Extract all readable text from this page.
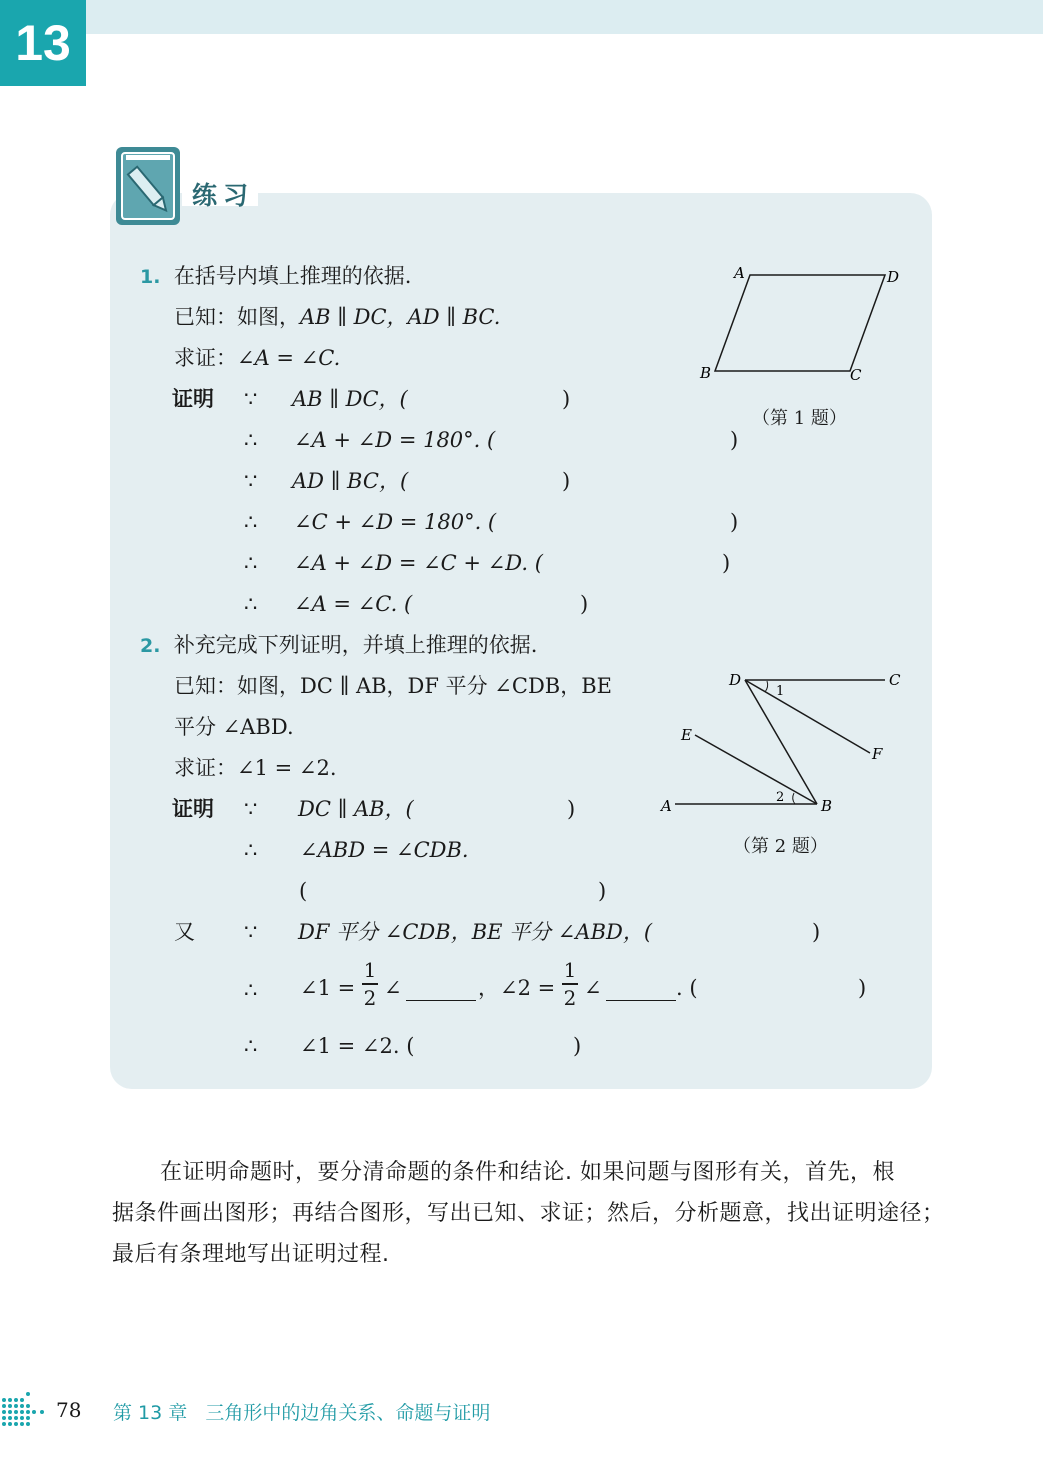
13
练习
1. 在括号内填上推理的依据.
已知：如图，AB ∥ DC，AD ∥ BC.
求证：∠A = ∠C.
证明 ∵ AB ∥ DC，(	)
∴ ∠A + ∠D = 180°. (	)
∵ AD ∥ BC，(	)
∴ ∠C + ∠D = 180°. (	)
∴ ∠A + ∠D = ∠C + ∠D. (	)
∴ ∠A = ∠C. (	)
A	D
B	C
（第 1 题）
2. 补充完成下列证明，并填上推理的依据.
已知：如图，DC ∥ AB，DF 平分 ∠CDB，BE
平分 ∠ABD.
求证：∠1 = ∠2.
证明 ∵ DC ∥ AB，(	)
∴ ∠ABD = ∠CDB.
(	)
又 ∵ DF 平分 ∠CDB，BE 平分 ∠ABD，(	)
∴ ∠1 =
1
2 ∠	， ∠2 =
1
2 ∠	. (	)
∴ ∠1 = ∠2. (	)
D	C
E
F
A	B
1
2
（第 2 题）
在证明命题时，要分清命题的条件和结论. 如果问题与图形有关，首先，根
据条件画出图形；再结合图形，写出已知、求证；然后，分析题意，找出证明途径；
最后有条理地写出证明过程.
78 第 13 章   三角形中的边角关系、命题与证明
